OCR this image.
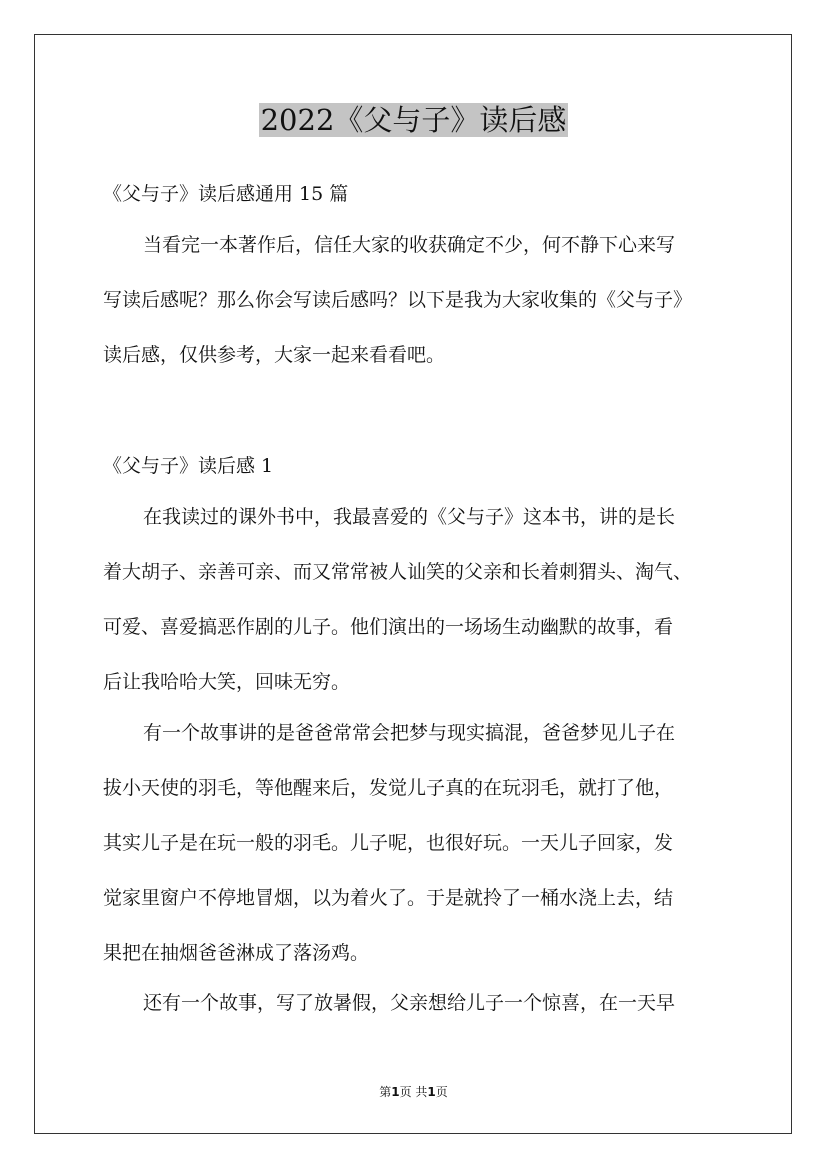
2022《父与子》读后感
《父与子》读后感通用 15 篇
当看完一本著作后，信任大家的收获确定不少，何不静下心来写
写读后感呢？那么你会写读后感吗？以下是我为大家收集的《父与子》
读后感，仅供参考，大家一起来看看吧。
《父与子》读后感 1
在我读过的课外书中，我最喜爱的《父与子》这本书，讲的是长
着大胡子、亲善可亲、而又常常被人讪笑的父亲和长着刺猬头、淘气、
可爱、喜爱搞恶作剧的儿子。他们演出的一场场生动幽默的故事，看
后让我哈哈大笑，回味无穷。
有一个故事讲的是爸爸常常会把梦与现实搞混，爸爸梦见儿子在
拔小天使的羽毛，等他醒来后，发觉儿子真的在玩羽毛，就打了他，
其实儿子是在玩一般的羽毛。儿子呢，也很好玩。一天儿子回家，发
觉家里窗户不停地冒烟，以为着火了。于是就拎了一桶水浇上去，结
果把在抽烟爸爸淋成了落汤鸡。
还有一个故事，写了放暑假，父亲想给儿子一个惊喜，在一天早
第1页 共1页
